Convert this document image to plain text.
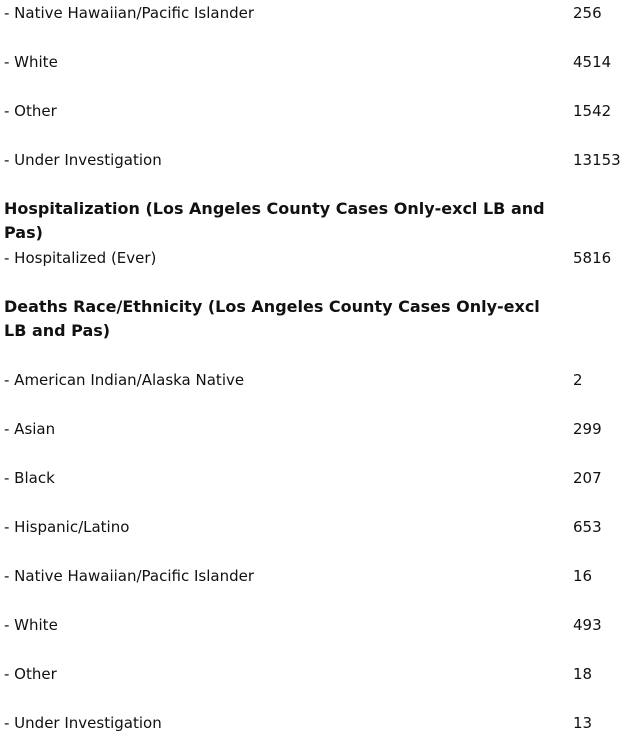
- Native Hawaiian/Pacific Islander	256
- White	4514
- Other	1542
- Under Investigation	13153
Hospitalization (Los Angeles County Cases Only-excl LB and Pas)
- Hospitalized (Ever)	5816
Deaths Race/Ethnicity (Los Angeles County Cases Only-excl LB and Pas)
- American Indian/Alaska Native	2
- Asian	299
- Black	207
- Hispanic/Latino	653
- Native Hawaiian/Pacific Islander	16
- White	493
- Other	18
- Under Investigation	13
